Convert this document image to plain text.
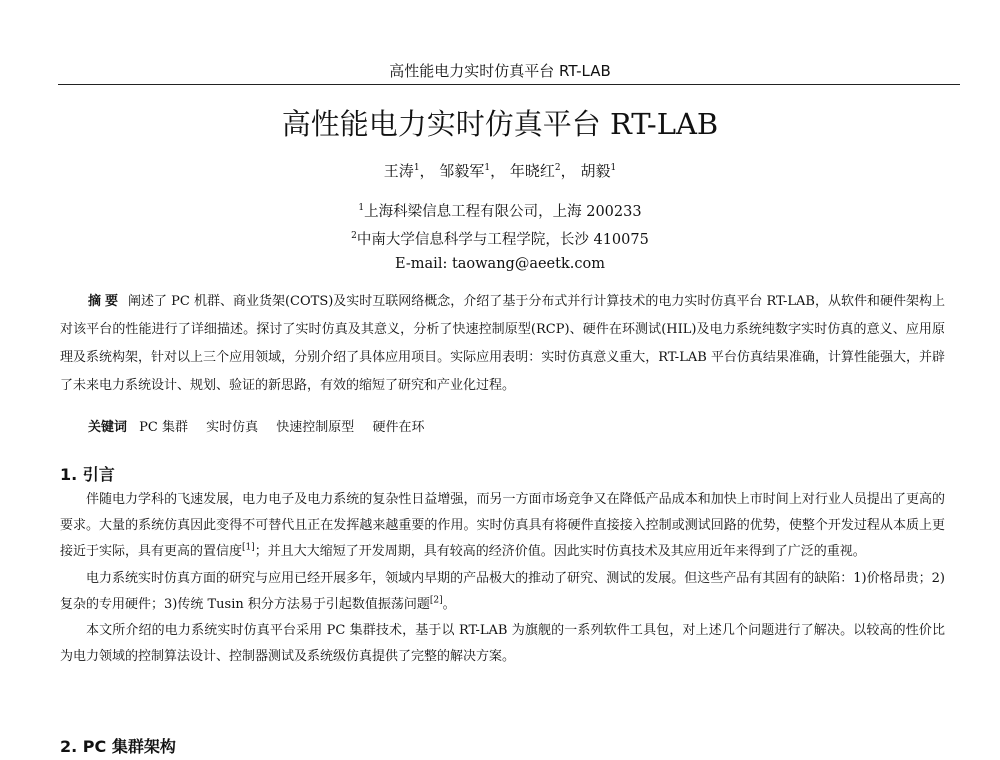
高性能电力实时仿真平台 RT-LAB
高性能电力实时仿真平台 RT-LAB
王涛$^1$， 邹毅军$^1$， 年晓红$^2$， 胡毅$^1$
$^1$上海科梁信息工程有限公司，上海 200233
$^2$中南大学信息科学与工程学院，长沙 410075
E-mail: taowang@aeetk.com
摘要 阐述了 PC 机群、商业货架(COTS)及实时互联网络概念，介绍了基于分布式并行计算技术的电力实时仿真平台 RT-LAB，从软件和硬件架构上对该平台的性能进行了详细描述。探讨了实时仿真及其意义，分析了快速控制原型(RCP)、硬件在环测试(HIL)及电力系统纯数字实时仿真的意义、应用原理及系统构架，针对以上三个应用领域，分别介绍了具体应用项目。实际应用表明：实时仿真意义重大，RT-LAB 平台仿真结果准确，计算性能强大，并辟了未来电力系统设计、规划、验证的新思路，有效的缩短了研究和产业化过程。
关键词 PC 集群 实时仿真 快速控制原型 硬件在环
1. 引言

伴随电力学科的飞速发展，电力电子及电力系统的复杂性日益增强，而另一方面市场竞争又在降低产品成本和加快上市时间上对行业人员提出了更高的要求。大量的系统仿真因此变得不可替代且正在发挥越来越重要的作用。实时仿真具有将硬件直接接入控制或测试回路的优势，使整个开发过程从本质上更接近于实际，具有更高的置信度[1]；并且大大缩短了开发周期，具有较高的经济价值。因此实时仿真技术及其应用近年来得到了广泛的重视。

电力系统实时仿真方面的研究与应用已经开展多年，领域内早期的产品极大的推动了研究、测试的发展。但这些产品有其固有的缺陷：1)价格昂贵；2)复杂的专用硬件；3)传统 Tusin 积分方法易于引起数值振荡问题[2]。

本文所介绍的电力系统实时仿真平台采用 PC 集群技术，基于以 RT-LAB 为旗舰的一系列软件工具包，对上述几个问题进行了解决。以较高的性价比为电力领域的控制算法设计、控制器测试及系统级仿真提供了完整的解决方案。

2. PC 集群架构
